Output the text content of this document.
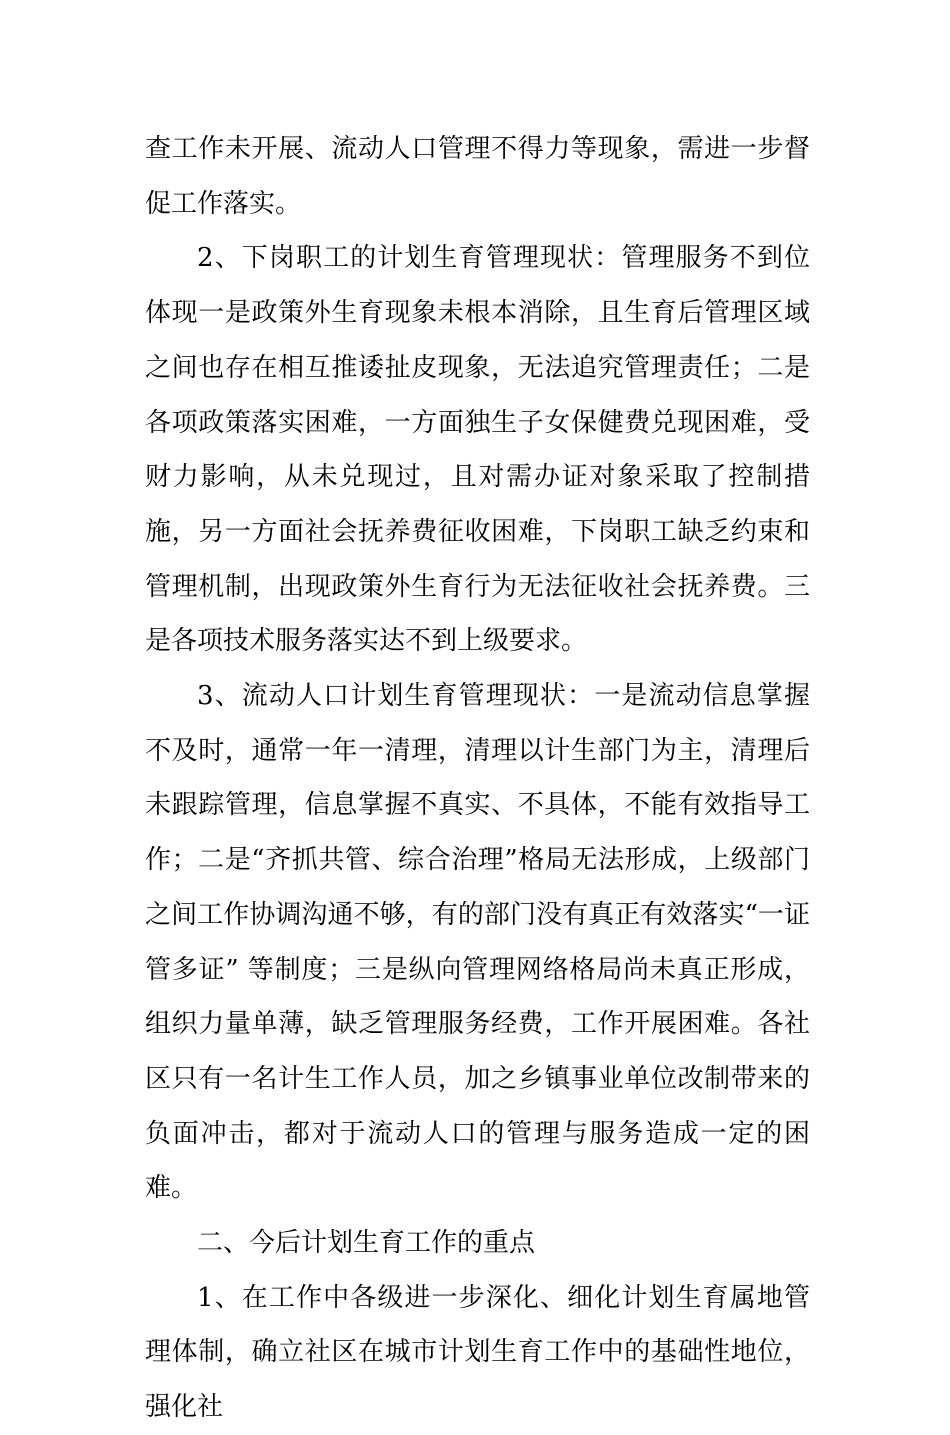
查工作未开展、流动人口管理不得力等现象，需进一步督促工作落实。

2、下岗职工的计划生育管理现状：管理服务不到位体现一是政策外生育现象未根本消除，且生育后管理区域之间也存在相互推诿扯皮现象，无法追究管理责任；二是各项政策落实困难，一方面独生子女保健费兑现困难，受财力影响，从未兑现过，且对需办证对象采取了控制措施，另一方面社会抚养费征收困难，下岗职工缺乏约束和管理机制，出现政策外生育行为无法征收社会抚养费。三是各项技术服务落实达不到上级要求。

3、流动人口计划生育管理现状：一是流动信息掌握不及时，通常一年一清理，清理以计生部门为主，清理后未跟踪管理，信息掌握不真实、不具体，不能有效指导工作；二是“齐抓共管、综合治理”格局无法形成，上级部门之间工作协调沟通不够，有的部门没有真正有效落实“一证管多证” 等制度；三是纵向管理网络格局尚未真正形成，组织力量单薄，缺乏管理服务经费，工作开展困难。各社区只有一名计生工作人员，加之乡镇事业单位改制带来的负面冲击，都对于流动人口的管理与服务造成一定的困难。

二、今后计划生育工作的重点

1、在工作中各级进一步深化、细化计划生育属地管理体制，确立社区在城市计划生育工作中的基础性地位，强化社
